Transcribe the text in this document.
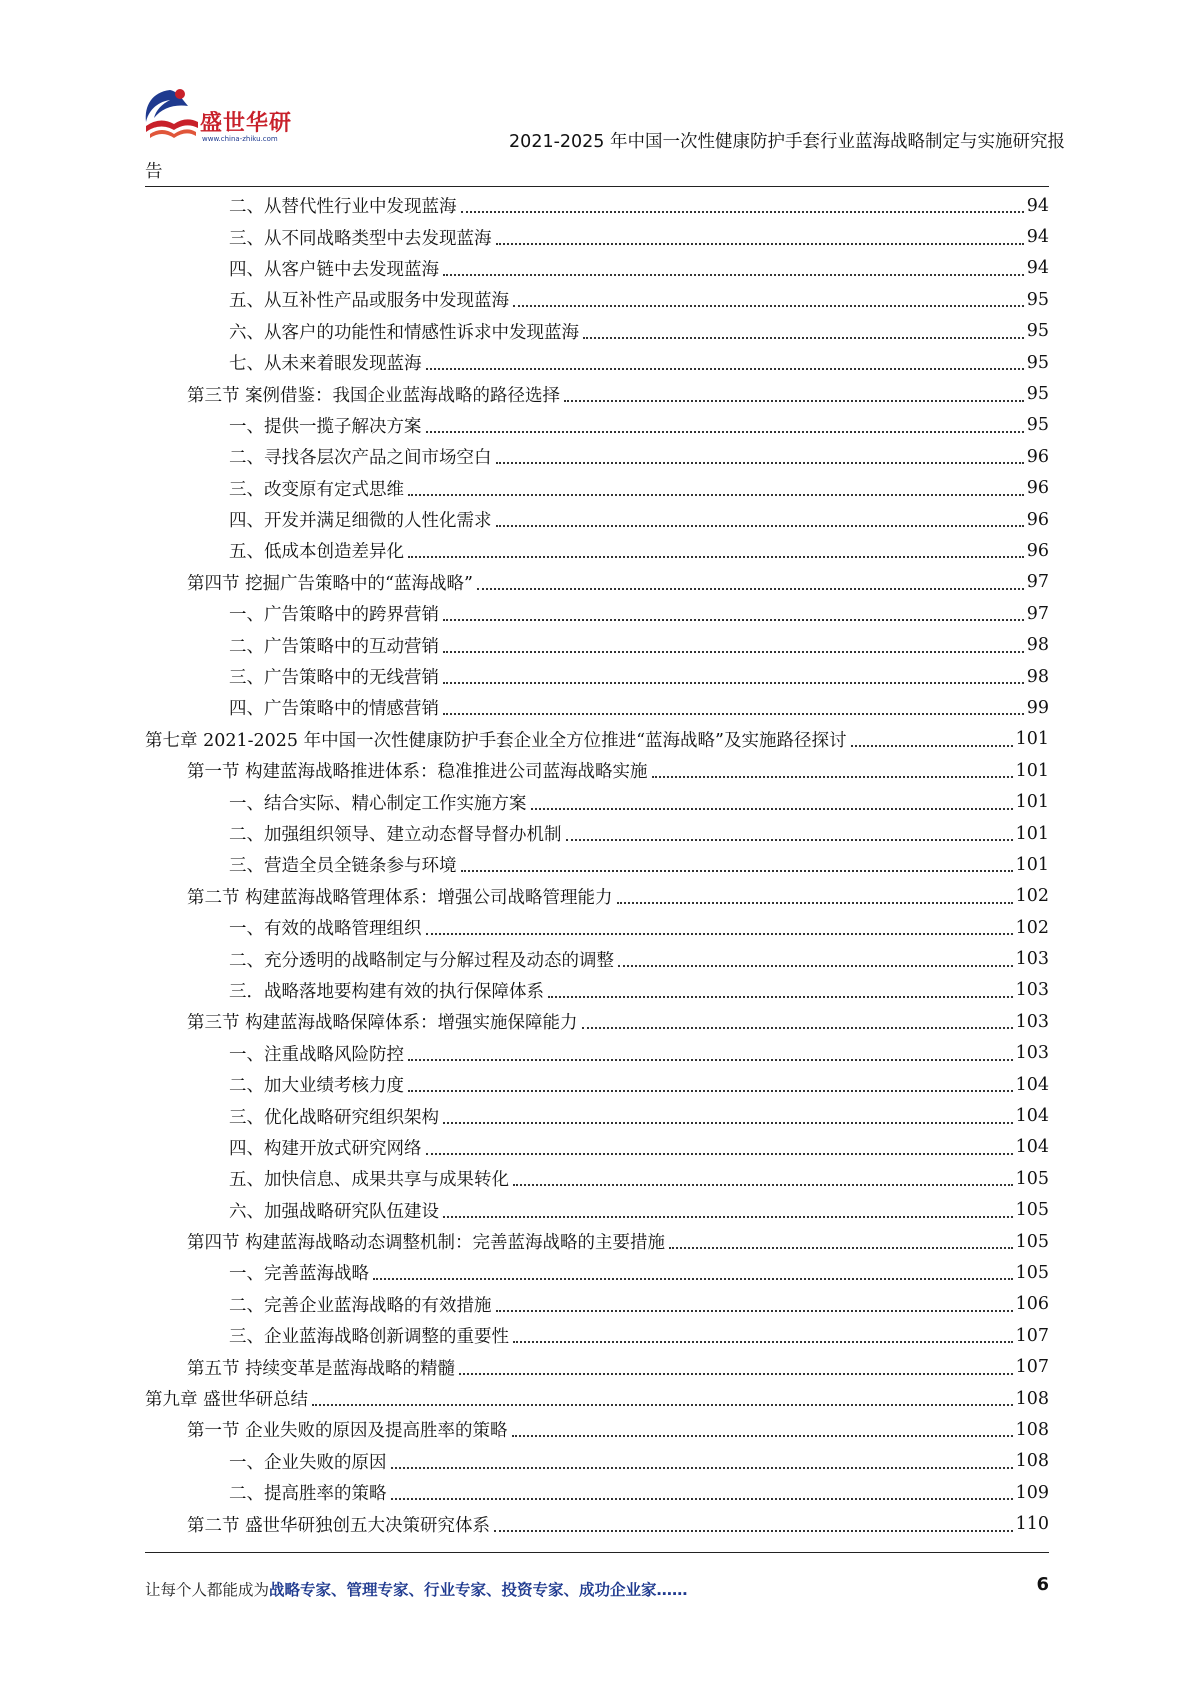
盛世华研
www.china-zhiku.com	2021-2025 年中国一次性健康防护手套行业蓝海战略制定与实施研究报
告
二、从替代性行业中发现蓝海	94
三、从不同战略类型中去发现蓝海	94
四、从客户链中去发现蓝海	94
五、从互补性产品或服务中发现蓝海	95
六、从客户的功能性和情感性诉求中发现蓝海	95
七、从未来着眼发现蓝海	95
第三节 案例借鉴：我国企业蓝海战略的路径选择	95
一、提供一揽子解决方案	95
二、寻找各层次产品之间市场空白	96
三、改变原有定式思维	96
四、开发并满足细微的人性化需求	96
五、低成本创造差异化	96
第四节 挖掘广告策略中的“蓝海战略”	97
一、广告策略中的跨界营销	97
二、广告策略中的互动营销	98
三、广告策略中的无线营销	98
四、广告策略中的情感营销	99
第七章 2021-2025 年中国一次性健康防护手套企业全方位推进“蓝海战略”及实施路径探讨	101
第一节 构建蓝海战略推进体系：稳准推进公司蓝海战略实施	101
一、结合实际、精心制定工作实施方案	101
二、加强组织领导、建立动态督导督办机制	101
三、营造全员全链条参与环境	101
第二节 构建蓝海战略管理体系：增强公司战略管理能力	102
一、有效的战略管理组织	102
二、充分透明的战略制定与分解过程及动态的调整	103
三．战略落地要构建有效的执行保障体系	103
第三节 构建蓝海战略保障体系：增强实施保障能力	103
一、注重战略风险防控	103
二、加大业绩考核力度	104
三、优化战略研究组织架构	104
四、构建开放式研究网络	104
五、加快信息、成果共享与成果转化	105
六、加强战略研究队伍建设	105
第四节 构建蓝海战略动态调整机制：完善蓝海战略的主要措施	105
一、完善蓝海战略	105
二、完善企业蓝海战略的有效措施	106
三、企业蓝海战略创新调整的重要性	107
第五节 持续变革是蓝海战略的精髓	107
第九章 盛世华研总结	108
第一节 企业失败的原因及提高胜率的策略	108
一、企业失败的原因	108
二、提高胜率的策略	109
第二节 盛世华研独创五大决策研究体系	110
让每个人都能成为战略专家、管理专家、行业专家、投资专家、成功企业家……	6
